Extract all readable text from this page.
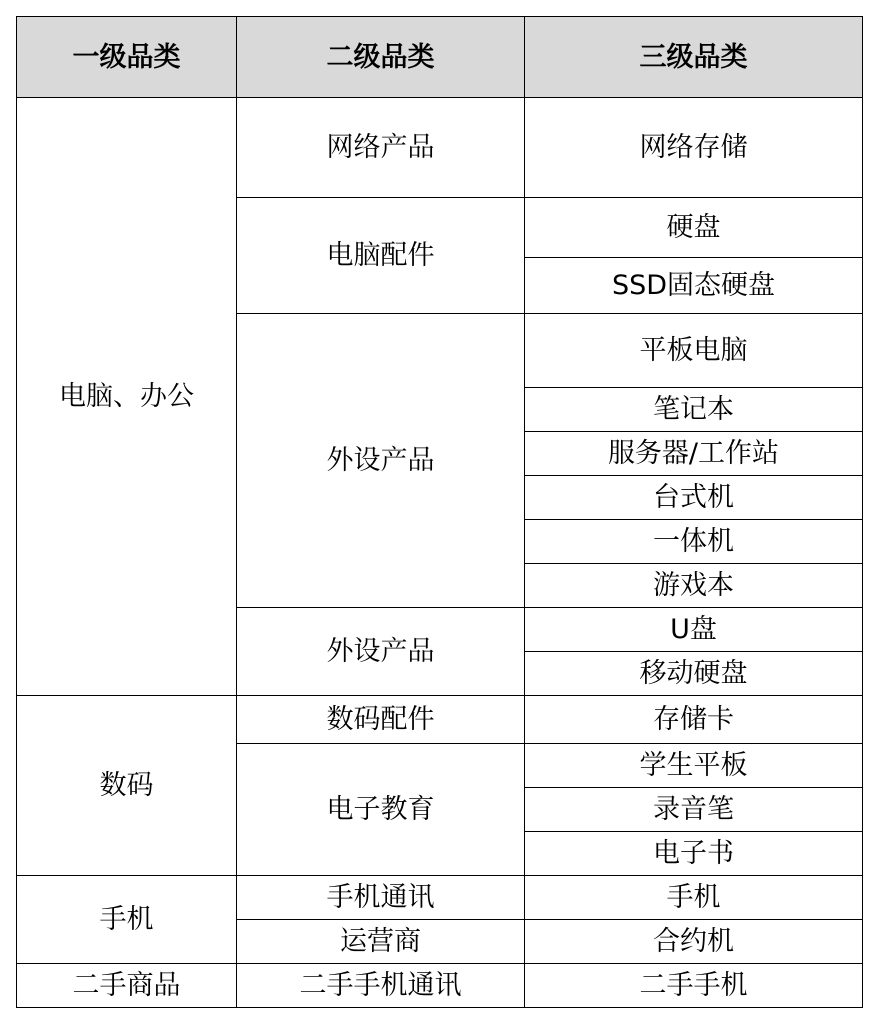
一级品类	二级品类	三级品类
电脑、办公	网络产品	网络存储
	电脑配件	硬盘
		SSD固态硬盘
	外设产品	平板电脑
		笔记本
		服务器/工作站
		台式机
		一体机
		游戏本
	外设产品	U盘
		移动硬盘
数码	数码配件	存储卡
	电子教育	学生平板
		录音笔
		电子书
手机	手机通讯	手机
	运营商	合约机
二手商品	二手手机通讯	二手手机
